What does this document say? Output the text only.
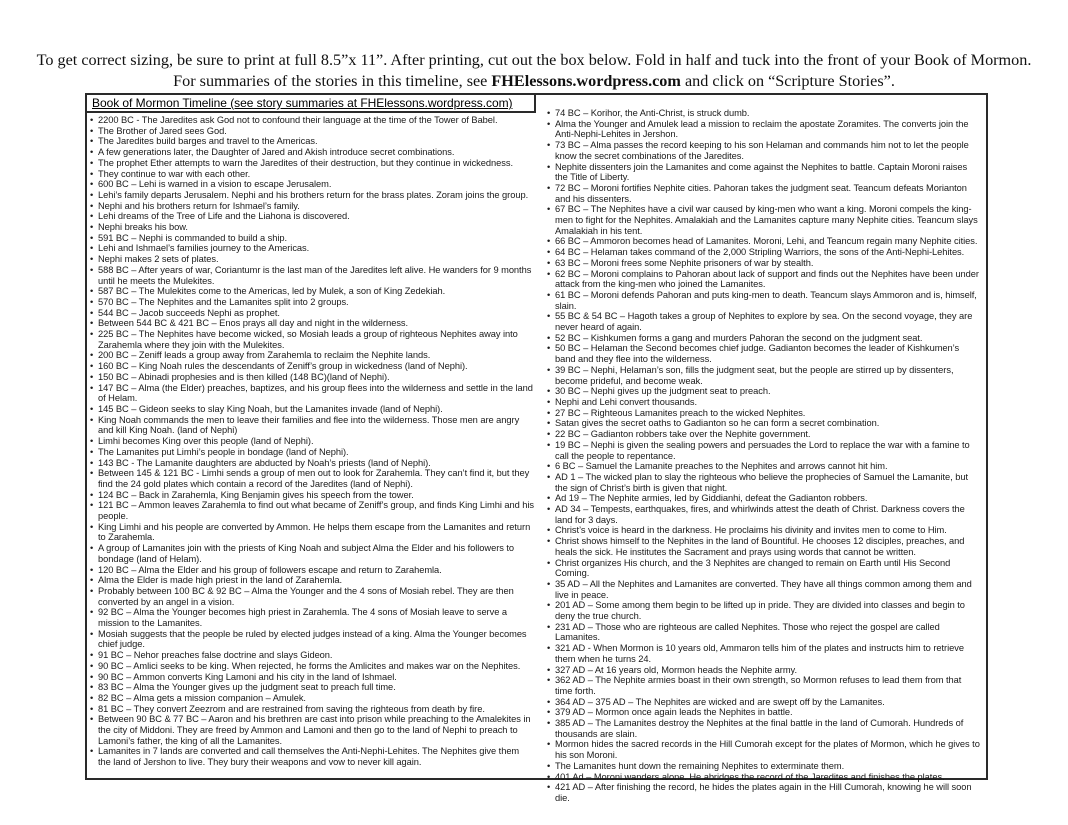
To get correct sizing, be sure to print at full 8.5”x 11”. After printing, cut out the box below. Fold in half and tuck into the front of your Book of Mormon.
For summaries of the stories in this timeline, see FHElessons.wordpress.com and click on “Scripture Stories”.
Book of Mormon Timeline (see story summaries at FHElessons.wordpress.com)
• 2200 BC - The Jaredites ask God not to confound their language at the time of the Tower of Babel.
• The Brother of Jared sees God.
• The Jaredites build barges and travel to the Americas.
• A few generations later, the Daughter of Jared and Akish introduce secret combinations.
• The prophet Ether attempts to warn the Jaredites of their destruction, but they continue in wickedness.
• They continue to war with each other.
• 600 BC – Lehi is warned in a vision to escape Jerusalem.
• Lehi’s family departs Jerusalem. Nephi and his brothers return for the brass plates. Zoram joins the group.
• Nephi and his brothers return for Ishmael’s family.
• Lehi dreams of the Tree of Life and the Liahona is discovered.
• Nephi breaks his bow.
• 591 BC – Nephi is commanded to build a ship.
• Lehi and Ishmael’s families journey to the Americas.
• Nephi makes 2 sets of plates.
• 588 BC – After years of war, Coriantumr is the last man of the Jaredites left alive. He wanders for 9 months until he meets the Mulekites.
• 587 BC – The Mulekites come to the Americas, led by Mulek, a son of King Zedekiah.
• 570 BC – The Nephites and the Lamanites split into 2 groups.
• 544 BC – Jacob succeeds Nephi as prophet.
• Between 544 BC & 421 BC – Enos prays all day and night in the wilderness.
• 225 BC – The Nephites have become wicked, so Mosiah leads a group of righteous Nephites away into Zarahemla where they join with the Mulekites.
• 200 BC – Zeniff leads a group away from Zarahemla to reclaim the Nephite lands.
• 160 BC – King Noah rules the descendants of Zeniff’s group in wickedness (land of Nephi).
• 150 BC – Abinadi prophesies and is then killed (148 BC)(land of Nephi).
• 147 BC – Alma (the Elder) preaches, baptizes, and his group flees into the wilderness and settle in the land of Helam.
• 145 BC – Gideon seeks to slay King Noah, but the Lamanites invade (land of Nephi).
• King Noah commands the men to leave their families and flee into the wilderness. Those men are angry and kill King Noah. (land of Nephi)
• Limhi becomes King over this people (land of Nephi).
• The Lamanites put Limhi’s people in bondage (land of Nephi).
• 143 BC - The Lamanite daughters are abducted by Noah’s priests (land of Nephi).
• Between 145 & 121 BC - Limhi sends a group of men out to look for Zarahemla. They can’t find it, but they find the 24 gold plates which contain a record of the Jaredites (land of Nephi).
• 124 BC – Back in Zarahemla, King Benjamin gives his speech from the tower.
• 121 BC – Ammon leaves Zarahemla to find out what became of Zeniff’s group, and finds King Limhi and his people.
• King Limhi and his people are converted by Ammon. He helps them escape from the Lamanites and return to Zarahemla.
• A group of Lamanites join with the priests of King Noah and subject Alma the Elder and his followers to bondage (land of Helam).
• 120 BC – Alma the Elder and his group of followers escape and return to Zarahemla.
• Alma the Elder is made high priest in the land of Zarahemla.
• Probably between 100 BC & 92 BC – Alma the Younger and the 4 sons of Mosiah rebel. They are then converted by an angel in a vision.
• 92 BC – Alma the Younger becomes high priest in Zarahemla. The 4 sons of Mosiah leave to serve a mission to the Lamanites.
• Mosiah suggests that the people be ruled by elected judges instead of a king. Alma the Younger becomes chief judge.
• 91 BC – Nehor preaches false doctrine and slays Gideon.
• 90 BC – Amlici seeks to be king. When rejected, he forms the Amlicites and makes war on the Nephites.
• 90 BC – Ammon converts King Lamoni and his city in the land of Ishmael.
• 83 BC – Alma the Younger gives up the judgment seat to preach full time.
• 82 BC – Alma gets a mission companion – Amulek.
• 81 BC – They convert Zeezrom and are restrained from saving the righteous from death by fire.
• Between 90 BC & 77 BC – Aaron and his brethren are cast into prison while preaching to the Amalekites in the city of Middoni. They are freed by Ammon and Lamoni and then go to the land of Nephi to preach to Lamoni’s father, the king of all the Lamanites.
• Lamanites in 7 lands are converted and call themselves the Anti-Nephi-Lehites. The Nephites give them the land of Jershon to live. They bury their weapons and vow to never kill again.
• 74 BC – Korihor, the Anti-Christ, is struck dumb.
• Alma the Younger and Amulek lead a mission to reclaim the apostate Zoramites. The converts join the Anti-Nephi-Lehites in Jershon.
• 73 BC – Alma passes the record keeping to his son Helaman and commands him not to let the people know the secret combinations of the Jaredites.
• Nephite dissenters join the Lamanites and come against the Nephites to battle. Captain Moroni raises the Title of Liberty.
• 72 BC – Moroni fortifies Nephite cities. Pahoran takes the judgment seat. Teancum defeats Morianton and his dissenters.
• 67 BC – The Nephites have a civil war caused by king-men who want a king. Moroni compels the king-men to fight for the Nephites. Amalakiah and the Lamanites capture many Nephite cities. Teancum slays Amalakiah in his tent.
• 66 BC – Ammoron becomes head of Lamanites. Moroni, Lehi, and Teancum regain many Nephite cities.
• 64 BC – Helaman takes command of the 2,000 Stripling Warriors, the sons of the Anti-Nephi-Lehites.
• 63 BC – Moroni frees some Nephite prisoners of war by stealth.
• 62 BC – Moroni complains to Pahoran about lack of support and finds out the Nephites have been under attack from the king-men who joined the Lamanites.
• 61 BC – Moroni defends Pahoran and puts king-men to death. Teancum slays Ammoron and is, himself, slain.
• 55 BC & 54 BC – Hagoth takes a group of Nephites to explore by sea. On the second voyage, they are never heard of again.
• 52 BC – Kishkumen forms a gang and murders Pahoran the second on the judgment seat.
• 50 BC – Helaman the Second becomes chief judge. Gadianton becomes the leader of Kishkumen’s band and they flee into the wilderness.
• 39 BC – Nephi, Helaman’s son, fills the judgment seat, but the people are stirred up by dissenters, become prideful, and become weak.
• 30 BC – Nephi gives up the judgment seat to preach.
• Nephi and Lehi convert thousands.
• 27 BC – Righteous Lamanites preach to the wicked Nephites.
• Satan gives the secret oaths to Gadianton so he can form a secret combination.
• 22 BC – Gadianton robbers take over the Nephite government.
• 19 BC – Nephi is given the sealing powers and persuades the Lord to replace the war with a famine to call the people to repentance.
• 6 BC – Samuel the Lamanite preaches to the Nephites and arrows cannot hit him.
• AD 1 – The wicked plan to slay the righteous who believe the prophecies of Samuel the Lamanite, but the sign of Christ’s birth is given that night.
• Ad 19 – The Nephite armies, led by Giddianhi, defeat the Gadianton robbers.
• AD 34 – Tempests, earthquakes, fires, and whirlwinds attest the death of Christ. Darkness covers the land for 3 days.
• Christ’s voice is heard in the darkness. He proclaims his divinity and invites men to come to Him.
• Christ shows himself to the Nephites in the land of Bountiful. He chooses 12 disciples, preaches, and heals the sick. He institutes the Sacrament and prays using words that cannot be written.
• Christ organizes His church, and the 3 Nephites are changed to remain on Earth until His Second Coming.
• 35 AD – All the Nephites and Lamanites are converted. They have all things common among them and live in peace.
• 201 AD – Some among them begin to be lifted up in pride. They are divided into classes and begin to deny the true church.
• 231 AD – Those who are righteous are called Nephites. Those who reject the gospel are called Lamanites.
• 321 AD - When Mormon is 10 years old, Ammaron tells him of the plates and instructs him to retrieve them when he turns 24.
• 327 AD – At 16 years old, Mormon heads the Nephite army.
• 362 AD – The Nephite armies boast in their own strength, so Mormon refuses to lead them from that time forth.
• 364 AD – 375 AD – The Nephites are wicked and are swept off by the Lamanites.
• 379 AD – Mormon once again leads the Nephites in battle.
• 385 AD – The Lamanites destroy the Nephites at the final battle in the land of Cumorah. Hundreds of thousands are slain.
• Mormon hides the sacred records in the Hill Cumorah except for the plates of Mormon, which he gives to his son Moroni.
• The Lamanites hunt down the remaining Nephites to exterminate them.
• 401 Ad – Moroni wanders alone. He abridges the record of the Jaredites and finishes the plates.
• 421 AD – After finishing the record, he hides the plates again in the Hill Cumorah, knowing he will soon die.
